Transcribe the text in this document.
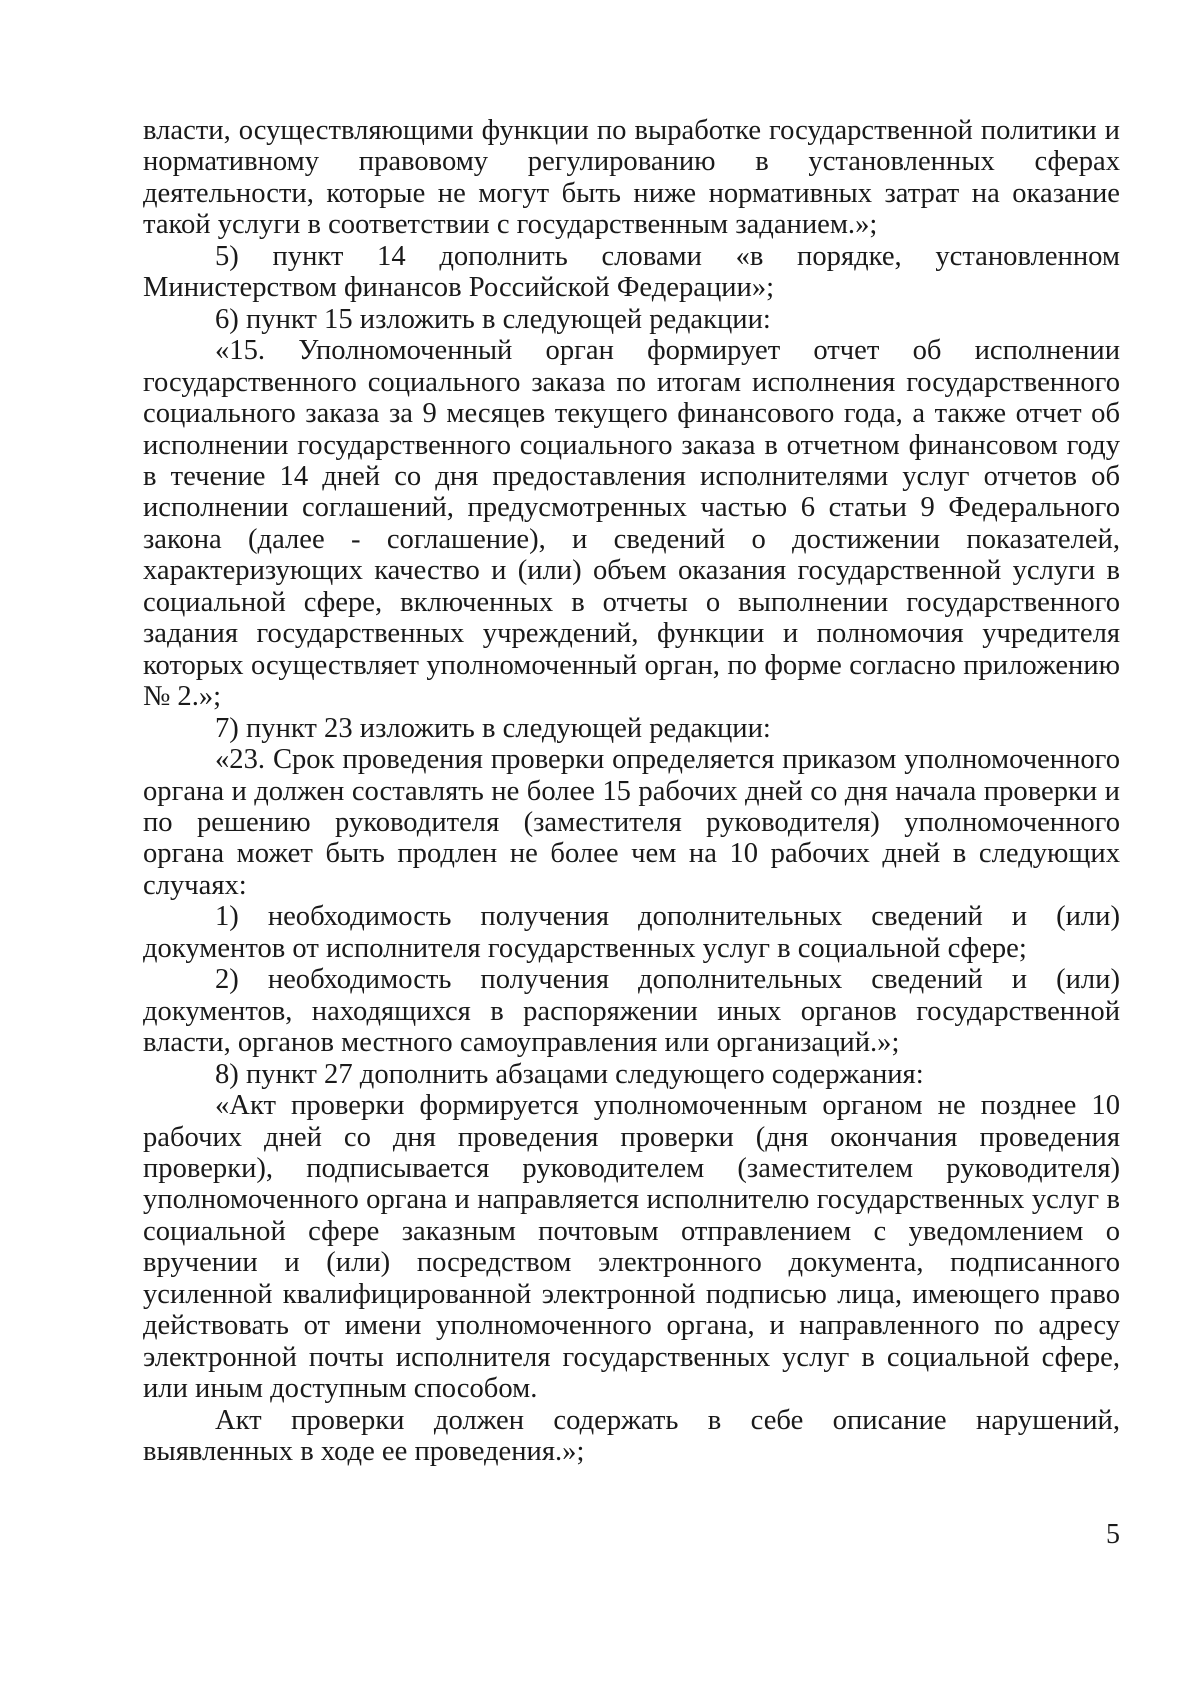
власти, осуществляющими функции по выработке государственной политики и нормативному правовому регулированию в установленных сферах деятельности, которые не могут быть ниже нормативных затрат на оказание такой услуги в соответствии с государственным заданием.»;

5) пункт 14 дополнить словами «в порядке, установленном Министерством финансов Российской Федерации»;

6) пункт 15 изложить в следующей редакции:

«15. Уполномоченный орган формирует отчет об исполнении государственного социального заказа по итогам исполнения государственного социального заказа за 9 месяцев текущего финансового года, а также отчет об исполнении государственного социального заказа в отчетном финансовом году в течение 14 дней со дня предоставления исполнителями услуг отчетов об исполнении соглашений, предусмотренных частью 6 статьи 9 Федерального закона (далее - соглашение), и сведений о достижении показателей, характеризующих качество и (или) объем оказания государственной услуги в социальной сфере, включенных в отчеты о выполнении государственного задания государственных учреждений, функции и полномочия учредителя которых осуществляет уполномоченный орган, по форме согласно приложению № 2.»;

7) пункт 23 изложить в следующей редакции:

«23. Срок проведения проверки определяется приказом уполномоченного органа и должен составлять не более 15 рабочих дней со дня начала проверки и по решению руководителя (заместителя руководителя) уполномоченного органа может быть продлен не более чем на 10 рабочих дней в следующих случаях:

1) необходимость получения дополнительных сведений и (или) документов от исполнителя государственных услуг в социальной сфере;

2) необходимость получения дополнительных сведений и (или) документов, находящихся в распоряжении иных органов государственной власти, органов местного самоуправления или организаций.»;

8) пункт 27 дополнить абзацами следующего содержания:

«Акт проверки формируется уполномоченным органом не позднее 10 рабочих дней со дня проведения проверки (дня окончания проведения проверки), подписывается руководителем (заместителем руководителя) уполномоченного органа и направляется исполнителю государственных услуг в социальной сфере заказным почтовым отправлением с уведомлением о вручении и (или) посредством электронного документа, подписанного усиленной квалифицированной электронной подписью лица, имеющего право действовать от имени уполномоченного органа, и направленного по адресу электронной почты исполнителя государственных услуг в социальной сфере, или иным доступным способом.

Акт проверки должен содержать в себе описание нарушений, выявленных в ходе ее проведения.»;

5
